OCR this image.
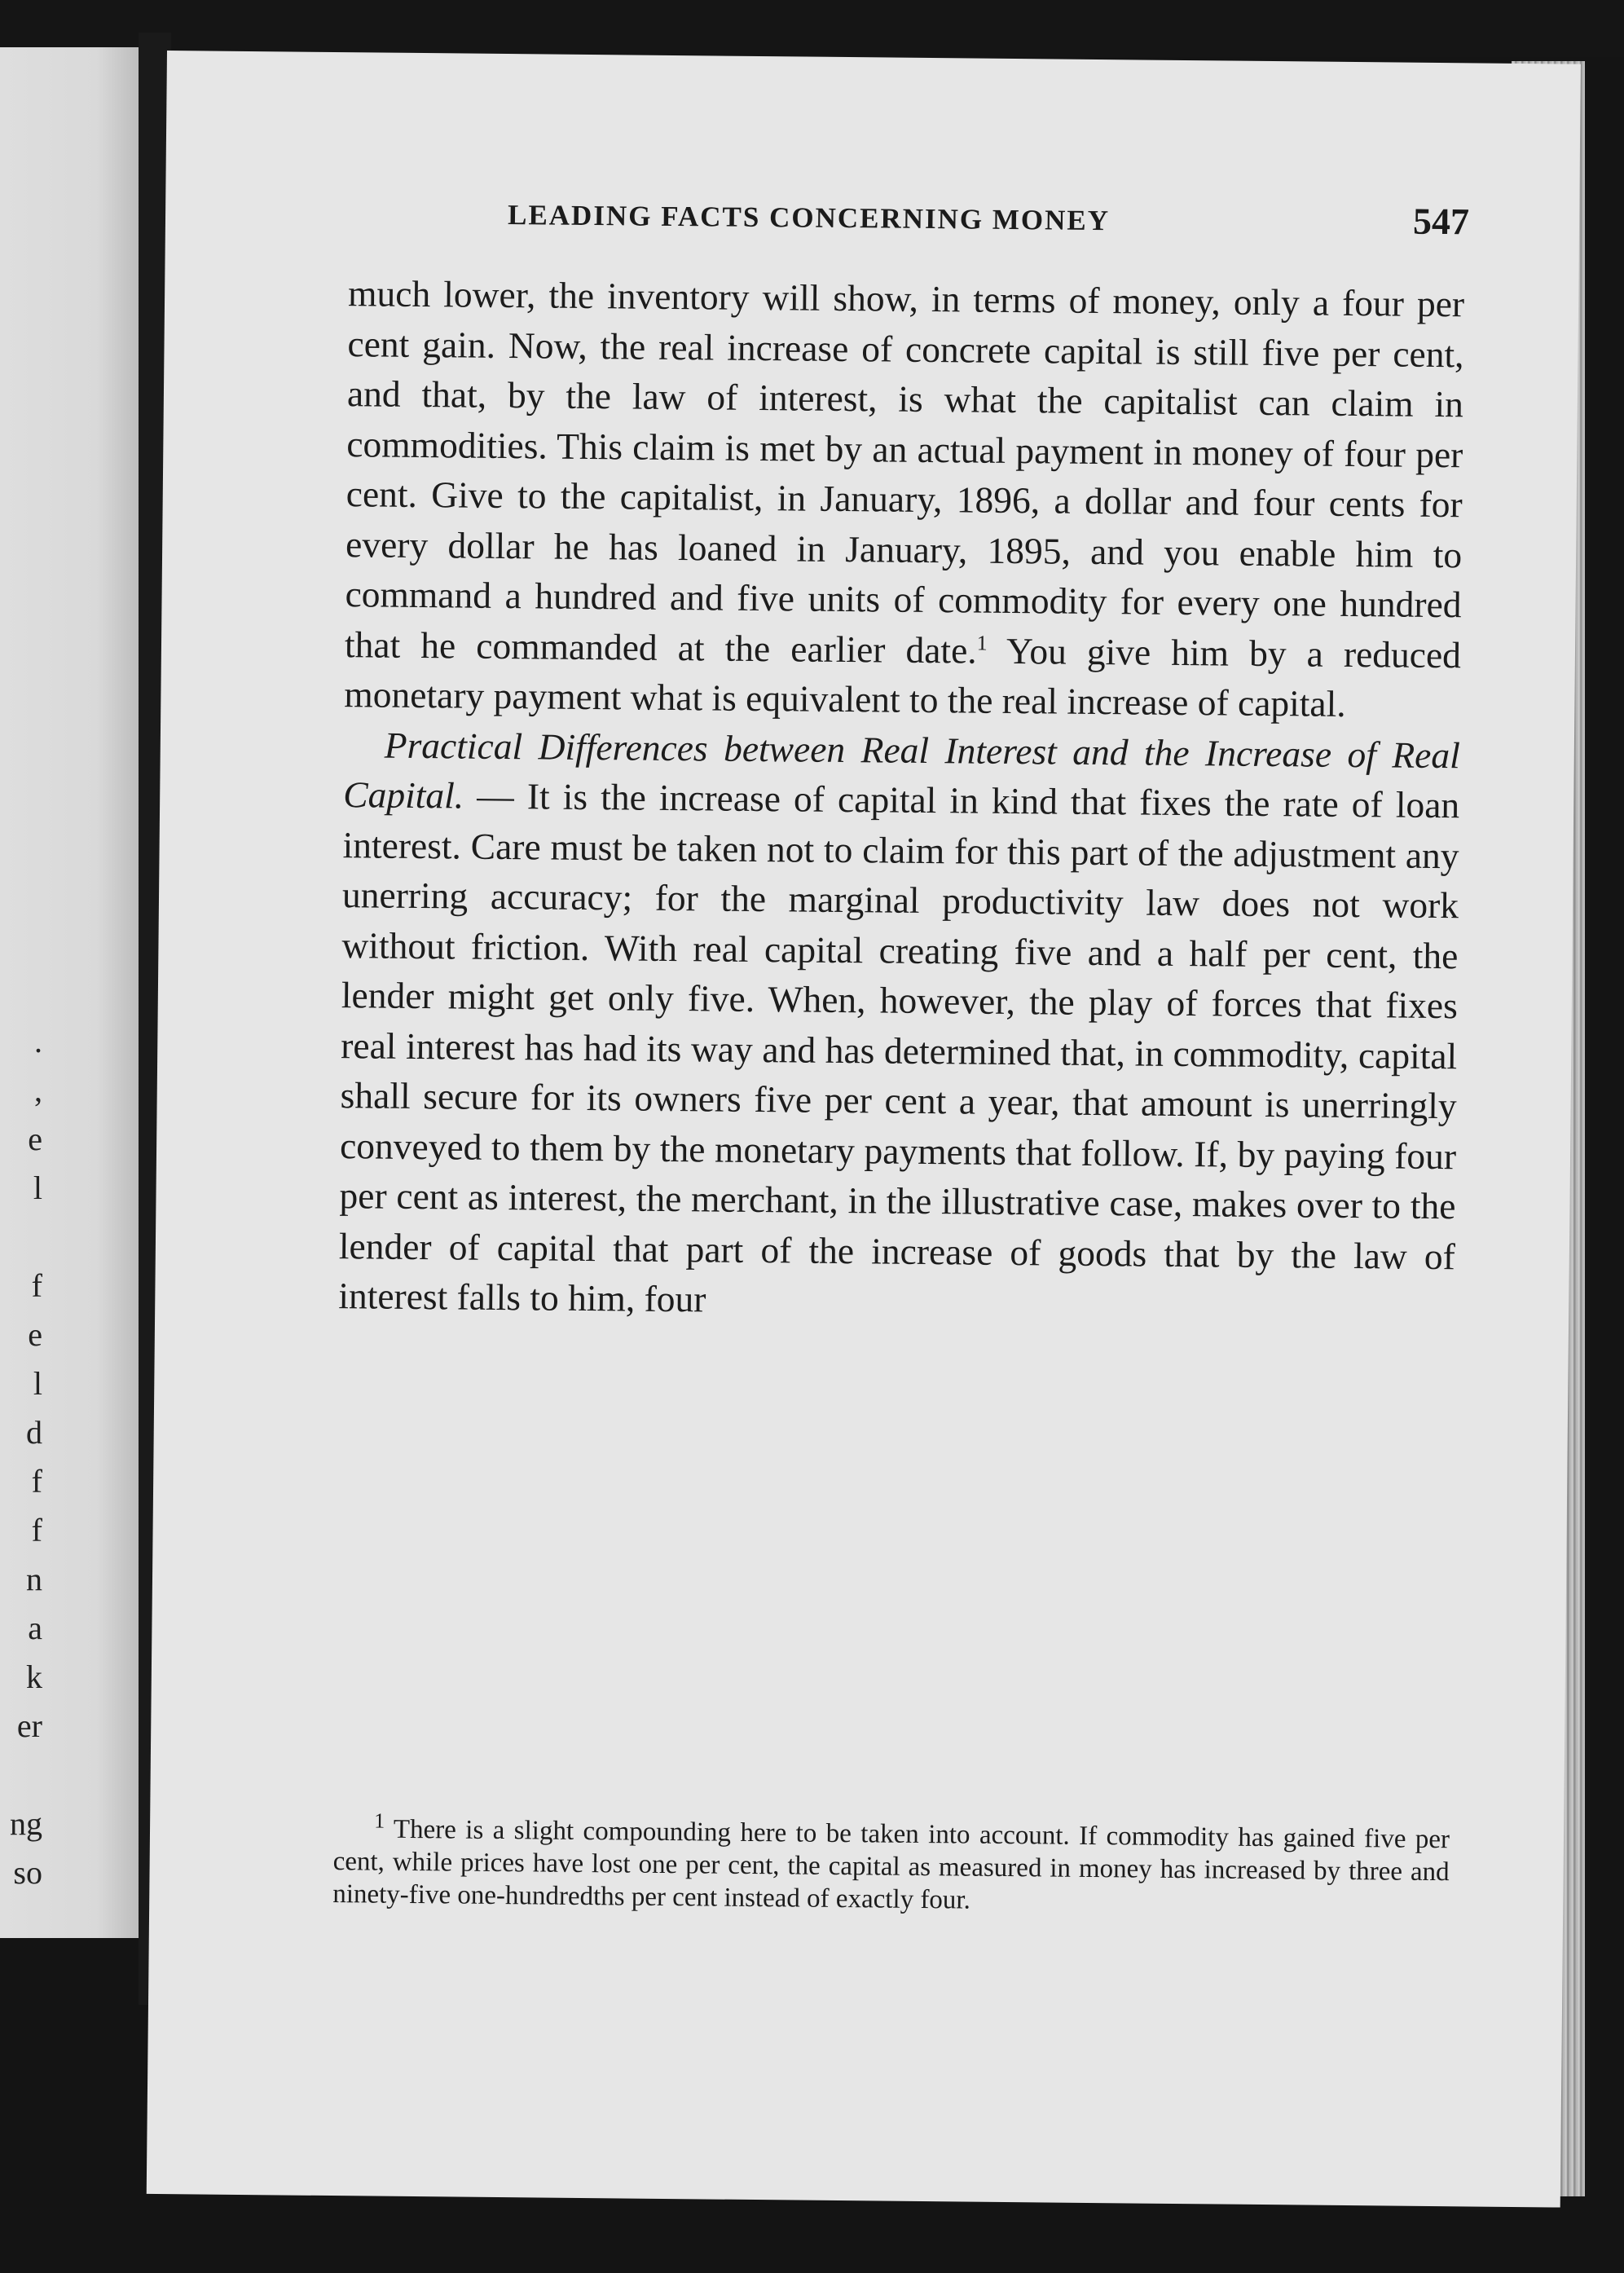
.
,
e
l
f
e
l
d
f
f
n
a
k
er
ng
so
LEADING FACTS CONCERNING MONEY	547

much lower, the inventory will show, in terms of money, only a four per cent gain. Now, the real increase of concrete capital is still five per cent, and that, by the law of interest, is what the capitalist can claim in commodities. This claim is met by an actual payment in money of four per cent. Give to the capitalist, in January, 1896, a dollar and four cents for every dollar he has loaned in January, 1895, and you enable him to command a hundred and five units of commodity for every one hundred that he commanded at the earlier date.$^1$ You give him by a reduced monetary payment what is equivalent to the real increase of capital.

Practical Differences between Real Interest and the Increase of Real Capital. — It is the increase of capital in kind that fixes the rate of loan interest. Care must be taken not to claim for this part of the adjustment any unerring accuracy; for the marginal productivity law does not work without friction. With real capital creating five and a half per cent, the lender might get only five. When, however, the play of forces that fixes real interest has had its way and has determined that, in commodity, capital shall secure for its owners five per cent a year, that amount is unerringly conveyed to them by the monetary payments that follow. If, by paying four per cent as interest, the merchant, in the illustrative case, makes over to the lender of capital that part of the increase of goods that by the law of interest falls to him, four

$^1$ There is a slight compounding here to be taken into account. If commodity has gained five per cent, while prices have lost one per cent, the capital as measured in money has increased by three and ninety-five one-hundredths per cent instead of exactly four.
